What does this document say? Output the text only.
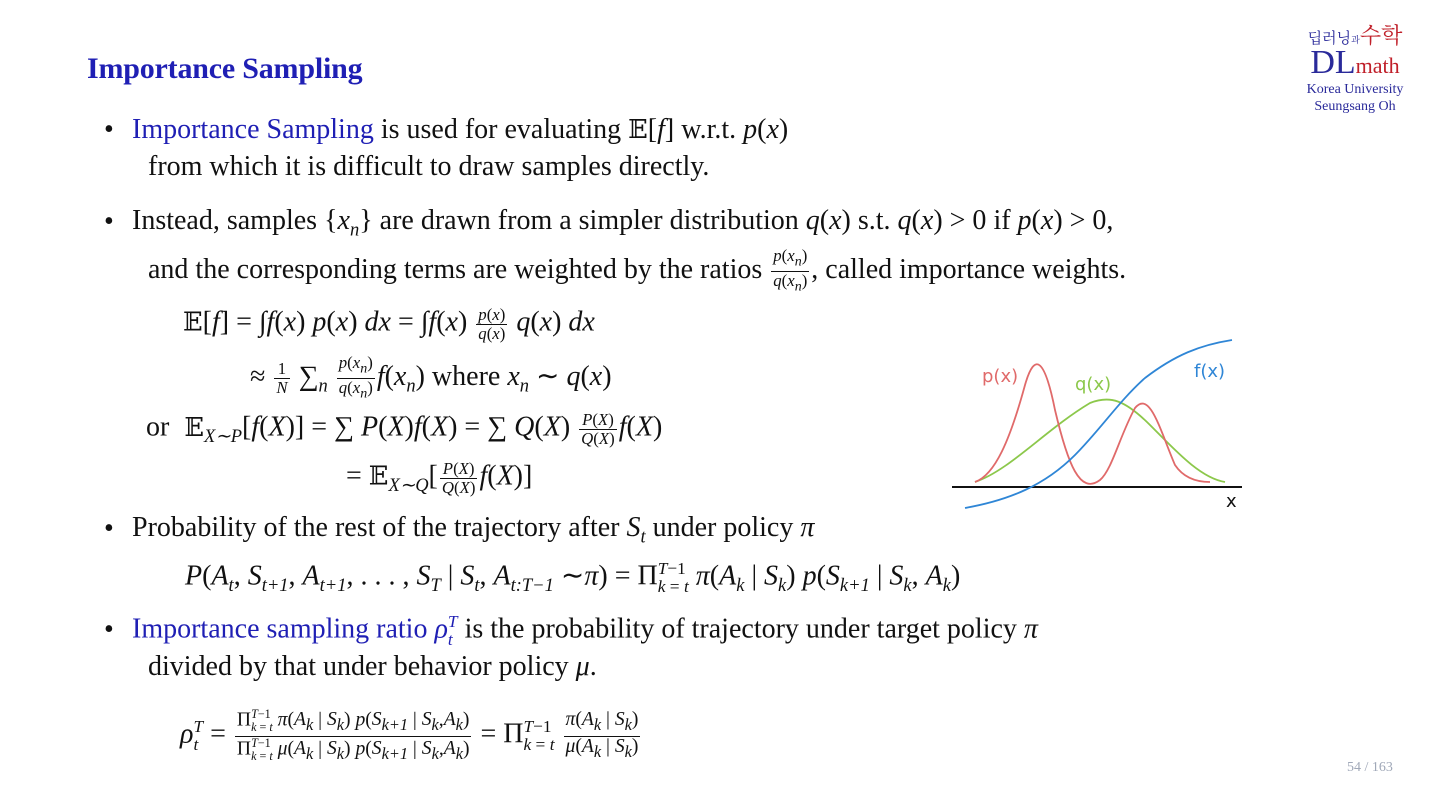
Importance Sampling
딥러닝과수학
DLmath
Korea University
Seungsang Oh
• Importance Sampling is used for evaluating 𝔼[f] w.r.t. p(x)
from which it is difficult to draw samples directly.
• Instead, samples $\{x_n\}$ are drawn from a simpler distribution q(x) s.t. q(x) > 0 if p(x) > 0,
and the corresponding terms are weighted by the ratios $\frac{p(x_n)}{q(x_n)}$ , called importance weights.
𝔼[f] = ∫f(x) p(x) dx = $\int f(x) \frac{p(x)}{q(x)} q(x)$ dx
≈ $\frac{1}{N} \sum_n \frac{p(x_n)}{q(x_n)} f(x_n)$ where $x_n$ ∼ q(x)
or 𝔼$_{X\sim P}$[f(X)] = ∑ P(X)f(X) = ∑ $Q(X) \frac{P(X)}{Q(X)} f(X)$
= 𝔼$_{X\sim Q}$[ $\frac{P(X)}{Q(X)} f(X)$]
p(x)	q(x)
f(x)
x
• Probability of the rest of the trajectory after $S_t$ under policy π
$P(A_t$, $S_{t+1}$, $A_{t+1}$, . . . , $S_T$ | $S_t$, $A_{t:T-1}$ ∼π) = ΠT−1
k = t $\pi(A_k$ | $S_k$) $p(S_{k+1}$ | $S_k$, $A_k$)
• Importance sampling ratio ρT
t is the probability of trajectory under target policy π
divided by that under behavior policy μ.
ρT
t = ΠT−1
k = t $\pi(A_k$ | $S_k$) $p(S_{k+1}$ | $S_k,A_k$)
ΠT−1
k = t $\mu(A_k$ | $S_k$) $p(S_{k+1}$ | $S_k,A_k) = \Pi T-1$
k = t $\frac{\pi(A_k | S_k)}{\mu(A_k | S_k)}$
54 / 163
